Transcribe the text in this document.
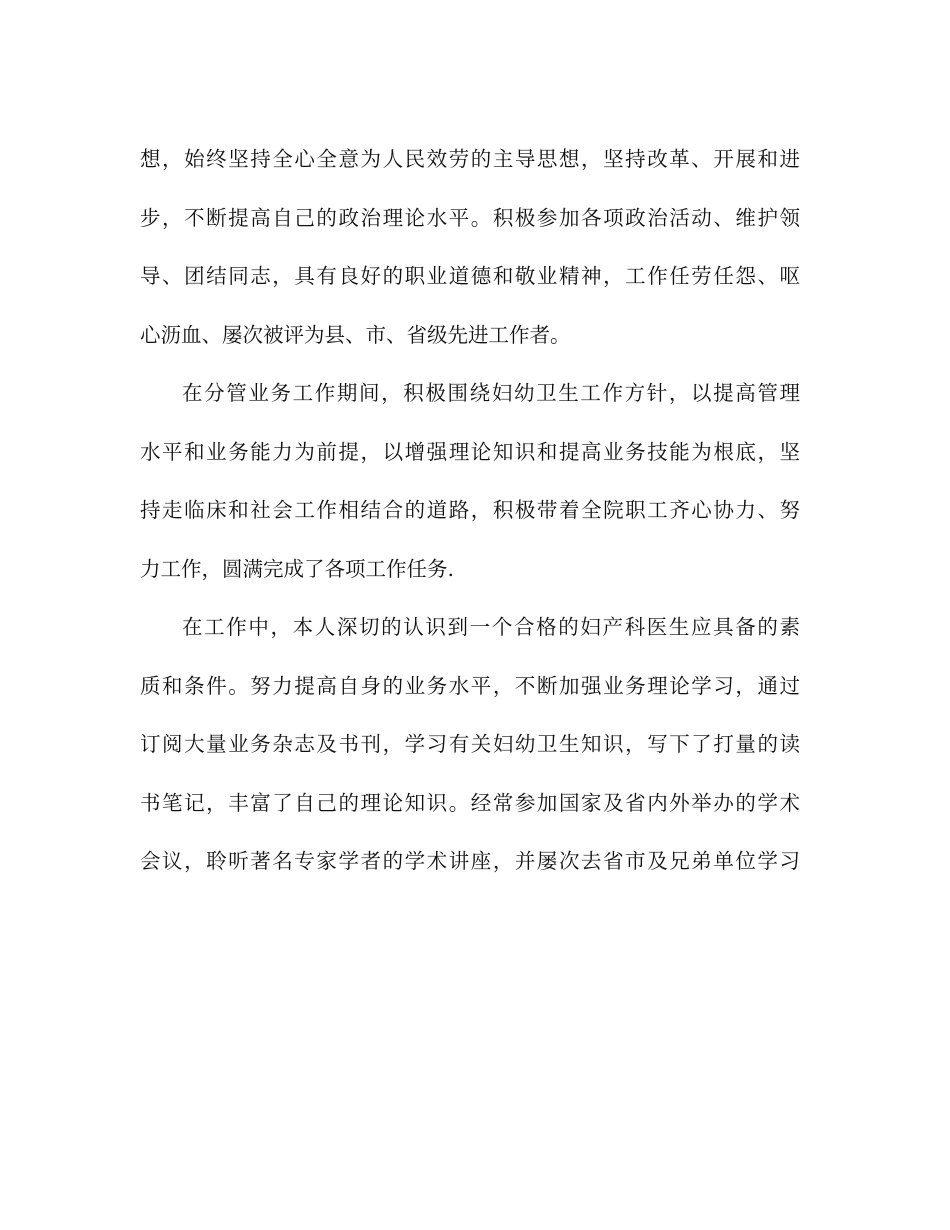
想，始终坚持全心全意为人民效劳的主导思想，坚持改革、开展和进
步，不断提高自己的政治理论水平。积极参加各项政治活动、维护领
导、团结同志，具有良好的职业道德和敬业精神，工作任劳任怨、呕
心沥血、屡次被评为县、市、省级先进工作者。
在分管业务工作期间，积极围绕妇幼卫生工作方针，以提高管理
水平和业务能力为前提，以增强理论知识和提高业务技能为根底，坚
持走临床和社会工作相结合的道路，积极带着全院职工齐心协力、努
力工作，圆满完成了各项工作任务.
在工作中，本人深切的认识到一个合格的妇产科医生应具备的素
质和条件。努力提高自身的业务水平，不断加强业务理论学习，通过
订阅大量业务杂志及书刊，学习有关妇幼卫生知识，写下了打量的读
书笔记，丰富了自己的理论知识。经常参加国家及省内外举办的学术
会议，聆听著名专家学者的学术讲座，并屡次去省市及兄弟单位学习
